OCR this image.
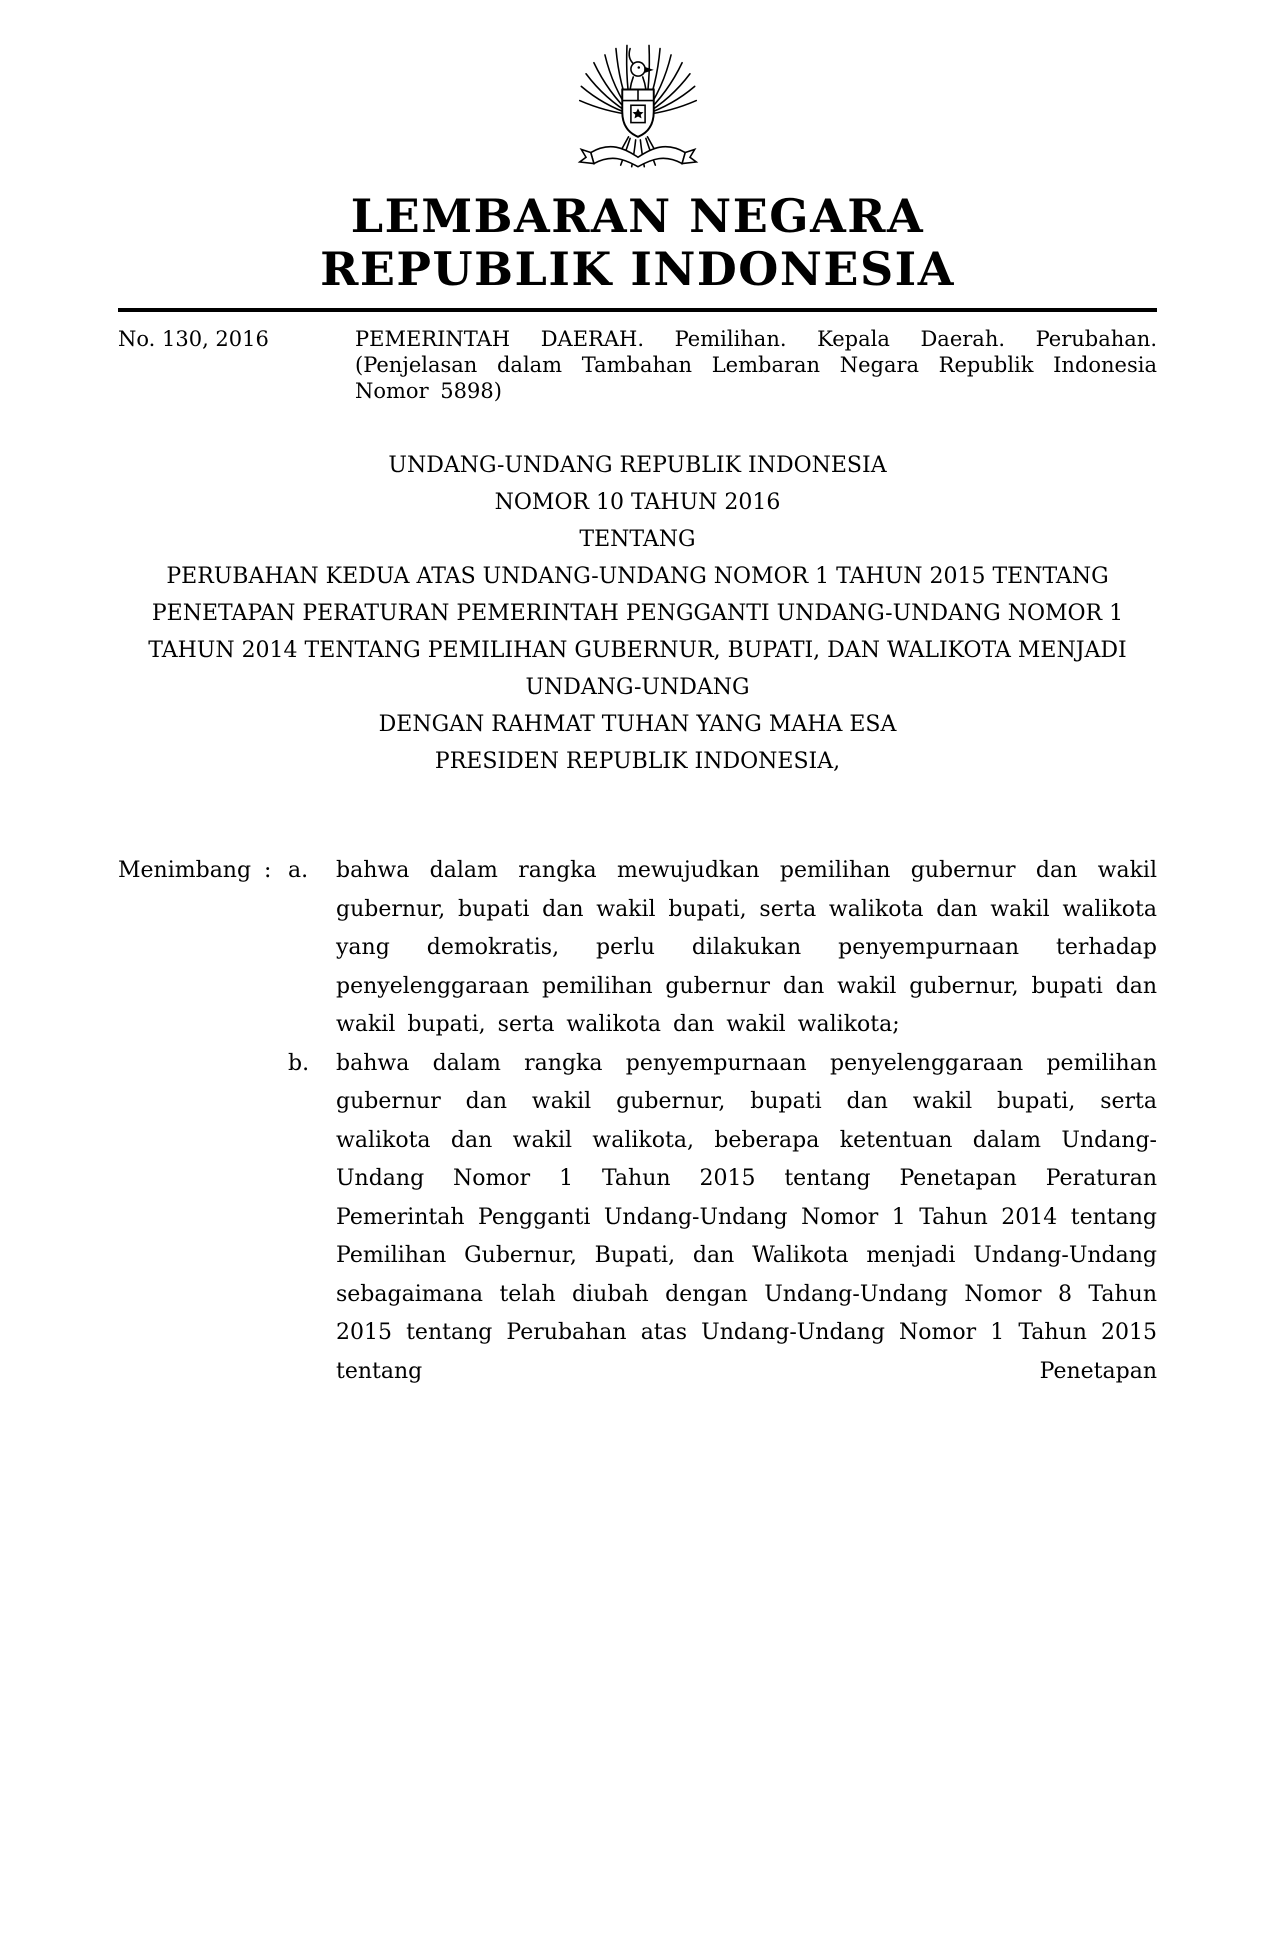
LEMBARAN NEGARA
REPUBLIK INDONESIA
No. 130, 2016	PEMERINTAH DAERAH. Pemilihan. Kepala Daerah. Perubahan. (Penjelasan dalam Tambahan Lembaran Negara Republik Indonesia Nomor 5898)

UNDANG-UNDANG REPUBLIK INDONESIA

NOMOR 10 TAHUN 2016

TENTANG

PERUBAHAN KEDUA ATAS UNDANG-UNDANG NOMOR 1 TAHUN 2015 TENTANG PENETAPAN PERATURAN PEMERINTAH PENGGANTI UNDANG-UNDANG NOMOR 1 TAHUN 2014 TENTANG PEMILIHAN GUBERNUR, BUPATI, DAN WALIKOTA MENJADI UNDANG-UNDANG

DENGAN RAHMAT TUHAN YANG MAHA ESA

PRESIDEN REPUBLIK INDONESIA,

Menimbang : a.	bahwa dalam rangka mewujudkan pemilihan gubernur dan wakil gubernur, bupati dan wakil bupati, serta walikota dan wakil walikota yang demokratis, perlu dilakukan penyempurnaan terhadap penyelenggaraan pemilihan gubernur dan wakil gubernur, bupati dan wakil bupati, serta walikota dan wakil walikota;
b.	bahwa dalam rangka penyempurnaan penyelenggaraan pemilihan gubernur dan wakil gubernur, bupati dan wakil bupati, serta walikota dan wakil walikota, beberapa ketentuan dalam Undang-Undang Nomor 1 Tahun 2015 tentang Penetapan Peraturan Pemerintah Pengganti Undang-Undang Nomor 1 Tahun 2014 tentang Pemilihan Gubernur, Bupati, dan Walikota menjadi Undang-Undang sebagaimana telah diubah dengan Undang-Undang Nomor 8 Tahun 2015 tentang Perubahan atas Undang-Undang Nomor 1 Tahun 2015 tentang Penetapan
